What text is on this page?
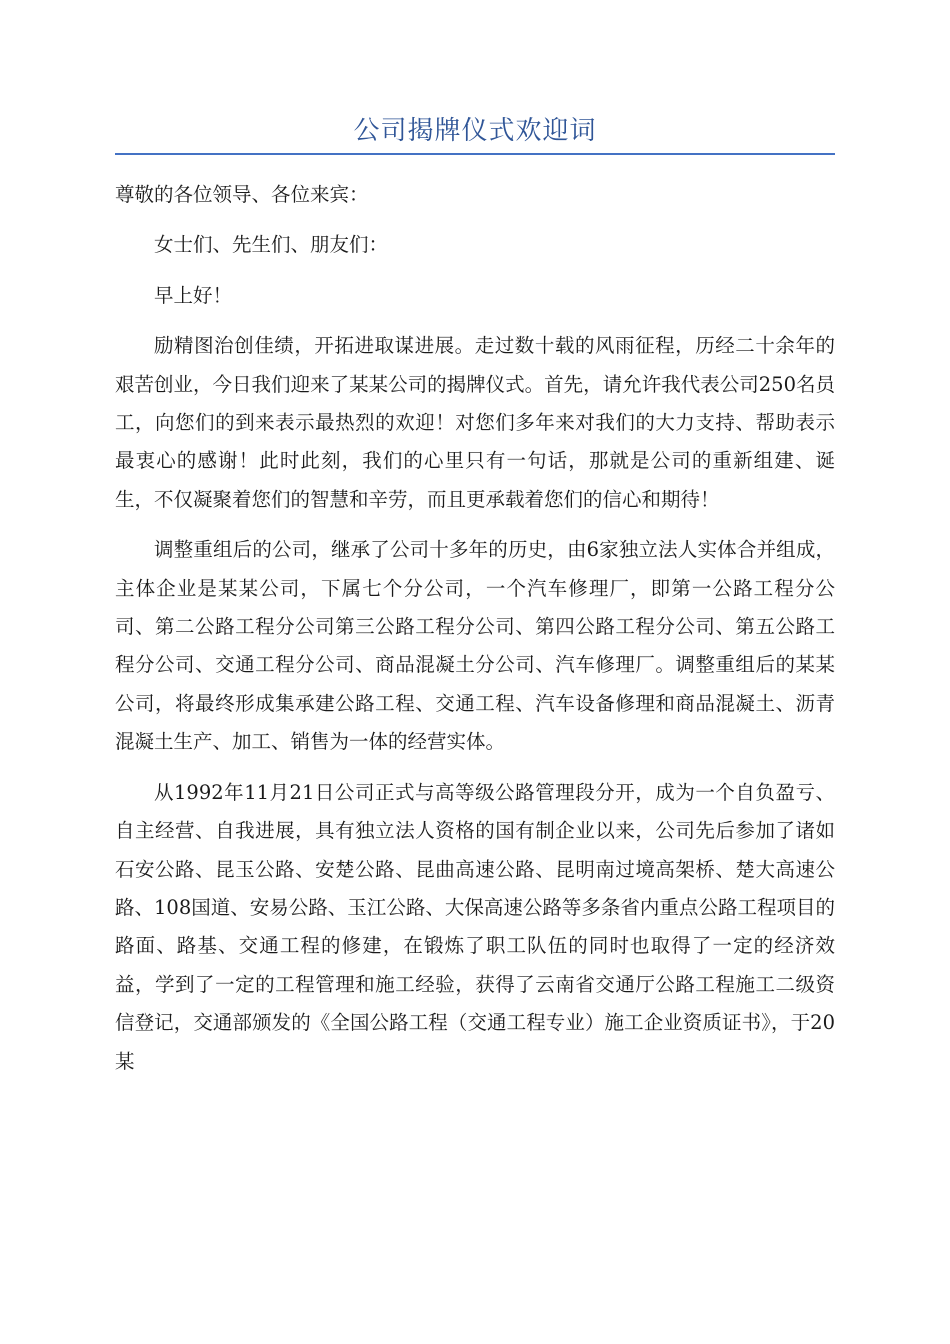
公司揭牌仪式欢迎词

尊敬的各位领导、各位来宾：

女士们、先生们、朋友们：

早上好！

励精图治创佳绩，开拓进取谋进展。走过数十载的风雨征程，历经二十余年的艰苦创业，今日我们迎来了某某公司的揭牌仪式。首先，请允许我代表公司250名员工，向您们的到来表示最热烈的欢迎！对您们多年来对我们的大力支持、帮助表示最衷心的感谢！此时此刻，我们的心里只有一句话，那就是公司的重新组建、诞生，不仅凝聚着您们的智慧和辛劳，而且更承载着您们的信心和期待！

调整重组后的公司，继承了公司十多年的历史，由6家独立法人实体合并组成，主体企业是某某公司，下属七个分公司，一个汽车修理厂，即第一公路工程分公司、第二公路工程分公司第三公路工程分公司、第四公路工程分公司、第五公路工程分公司、交通工程分公司、商品混凝土分公司、汽车修理厂。调整重组后的某某公司，将最终形成集承建公路工程、交通工程、汽车设备修理和商品混凝土、沥青混凝土生产、加工、销售为一体的经营实体。

从1992年11月21日公司正式与高等级公路管理段分开，成为一个自负盈亏、自主经营、自我进展，具有独立法人资格的国有制企业以来，公司先后参加了诸如石安公路、昆玉公路、安楚公路、昆曲高速公路、昆明南过境高架桥、楚大高速公路、108国道、安易公路、玉江公路、大保高速公路等多条省内重点公路工程项目的路面、路基、交通工程的修建，在锻炼了职工队伍的同时也取得了一定的经济效益，学到了一定的工程管理和施工经验，获得了云南省交通厅公路工程施工二级资信登记，交通部颁发的《全国公路工程（交通工程专业）施工企业资质证书》，于20某
